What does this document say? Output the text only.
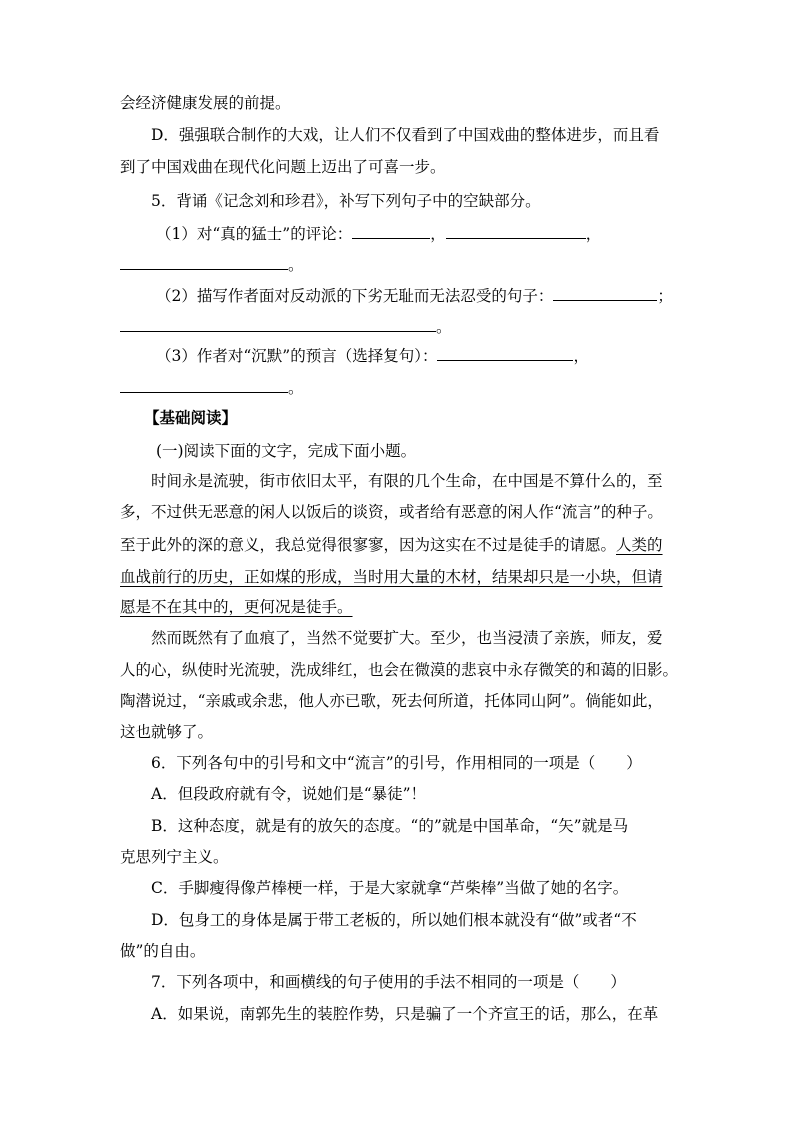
会经济健康发展的前提。
D．强强联合制作的大戏，让人们不仅看到了中国戏曲的整体进步，而且看
到了中国戏曲在现代化问题上迈出了可喜一步。
5．背诵《记念刘和珍君》，补写下列句子中的空缺部分。
（1）对“真的猛士”的评论：	，	，
。
（2）描写作者面对反动派的下劣无耻而无法忍受的句子：	；
。
（3）作者对“沉默”的预言（选择复句）：	，
。
【基础阅读】
(一)阅读下面的文字，完成下面小题。
时间永是流驶，街市依旧太平，有限的几个生命，在中国是不算什么的，至
多，不过供无恶意的闲人以饭后的谈资，或者给有恶意的闲人作“流言”的种子。
至于此外的深的意义，我总觉得很寥寥，因为这实在不过是徒手的请愿。人类的
血战前行的历史，正如煤的形成，当时用大量的木材，结果却只是一小块，但请
愿是不在其中的，更何况是徒手。
然而既然有了血痕了，当然不觉要扩大。至少，也当浸渍了亲族，师友，爱
人的心，纵使时光流驶，洗成绯红，也会在微漠的悲哀中永存微笑的和蔼的旧影。
陶潜说过，“亲戚或余悲，他人亦已歌，死去何所道，托体同山阿”。倘能如此，
这也就够了。
6．下列各句中的引号和文中“流言”的引号，作用相同的一项是（　　）
A．但段政府就有令，说她们是“暴徒”！
B．这种态度，就是有的放矢的态度。“的”就是中国革命，“矢”就是马
克思列宁主义。
C．手脚瘦得像芦棒梗一样，于是大家就拿“芦柴棒”当做了她的名字。
D．包身工的身体是属于带工老板的，所以她们根本就没有“做”或者“不
做”的自由。
7．下列各项中，和画横线的句子使用的手法不相同的一项是（　　）
A．如果说，南郭先生的装腔作势，只是骗了一个齐宣王的话，那么，在革
